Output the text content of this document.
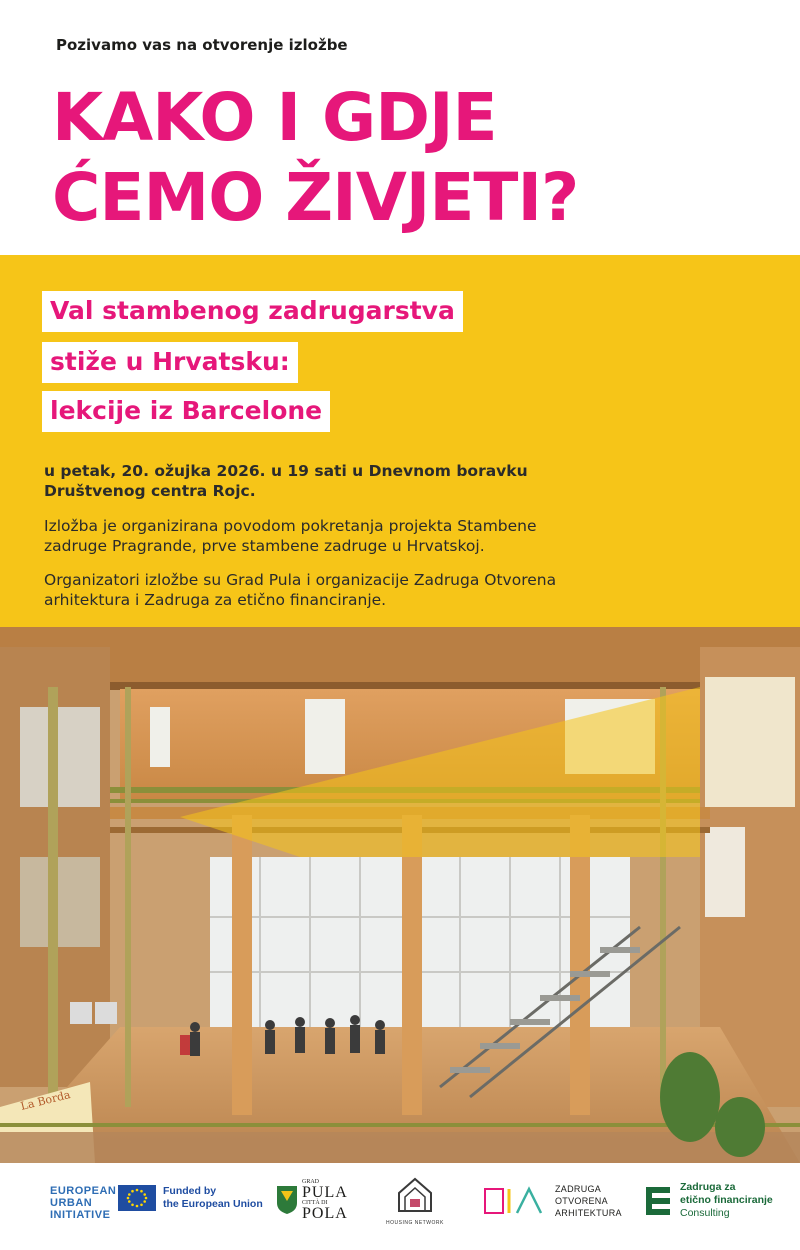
Pozivamo vas na otvorenje izložbe
KAKO I GDJE
ĆEMO ŽIVJETI?
Val stambenog zadrugarstva
stiže u Hrvatsku:
lekcije iz Barcelone
u petak, 20. ožujka 2026. u 19 sati u Dnevnom boravku
Društvenog centra Rojc.
Izložba je organizirana povodom pokretanja projekta Stambene
zadruge Pragrande, prve stambene zadruge u Hrvatskoj.
Organizatori izložbe su Grad Pula i organizacije Zadruga Otvorena
arhitektura i Zadruga za etično financiranje.
La Borda
EUROPEAN
URBAN
INITIATIVE
Funded by
the European Union
GRAD
PULA
CITTÀ DI
POLA
HOUSING NETWORK
ZADRUGA
OTVORENA
ARHITEKTURA
Zadruga za
etično financiranje
Consulting
